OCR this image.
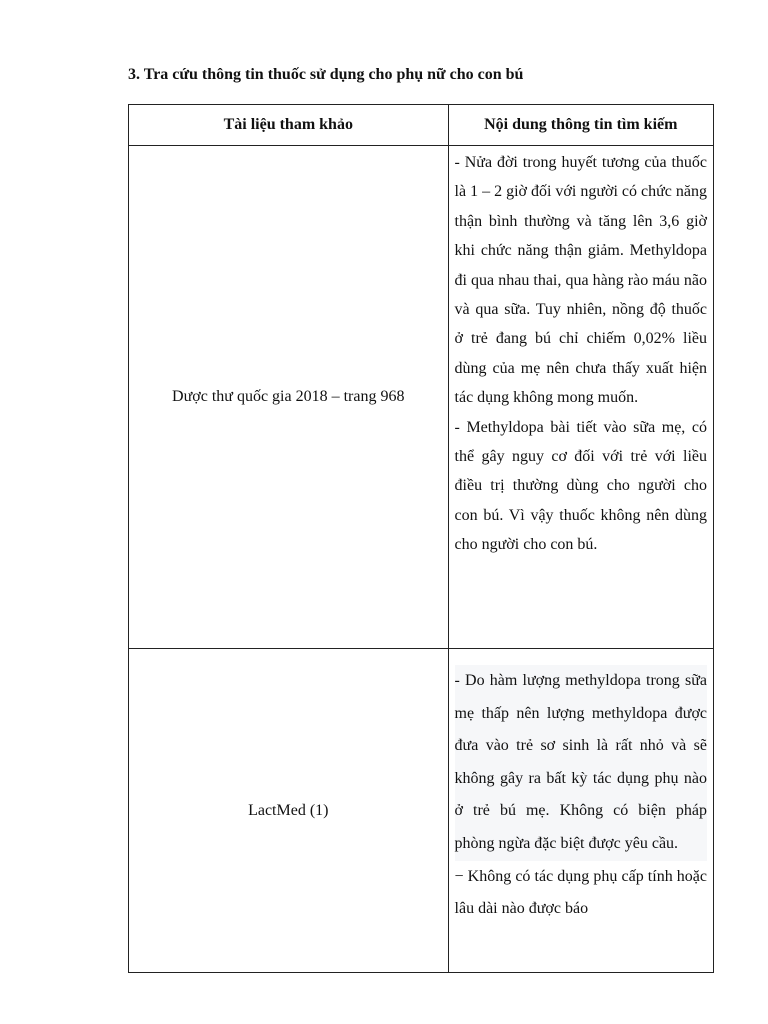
3. Tra cứu thông tin thuốc sử dụng cho phụ nữ cho con bú
Tài liệu tham khảo	Nội dung thông tin tìm kiếm
Dược thư quốc gia 2018 – trang 968	- Nửa đời trong huyết tương của thuốc là 1 – 2 giờ đối với người có chức năng thận bình thường và tăng lên 3,6 giờ khi chức năng thận giảm. Methyldopa đi qua nhau thai, qua hàng rào máu não và qua sữa. Tuy nhiên, nồng độ thuốc ở trẻ đang bú chỉ chiếm 0,02% liều dùng của mẹ nên chưa thấy xuất hiện tác dụng không mong muốn.

- Methyldopa bài tiết vào sữa mẹ, có thể gây nguy cơ đối với trẻ với liều điều trị thường dùng cho người cho con bú. Vì vậy thuốc không nên dùng cho người cho con bú.

LactMed (1)	- Do hàm lượng methyldopa trong sữa mẹ thấp nên lượng methyldopa được đưa vào trẻ sơ sinh là rất nhỏ và sẽ không gây ra bất kỳ tác dụng phụ nào ở trẻ bú mẹ. Không có biện pháp phòng ngừa đặc biệt được yêu cầu.

− Không có tác dụng phụ cấp tính hoặc lâu dài nào được báo
